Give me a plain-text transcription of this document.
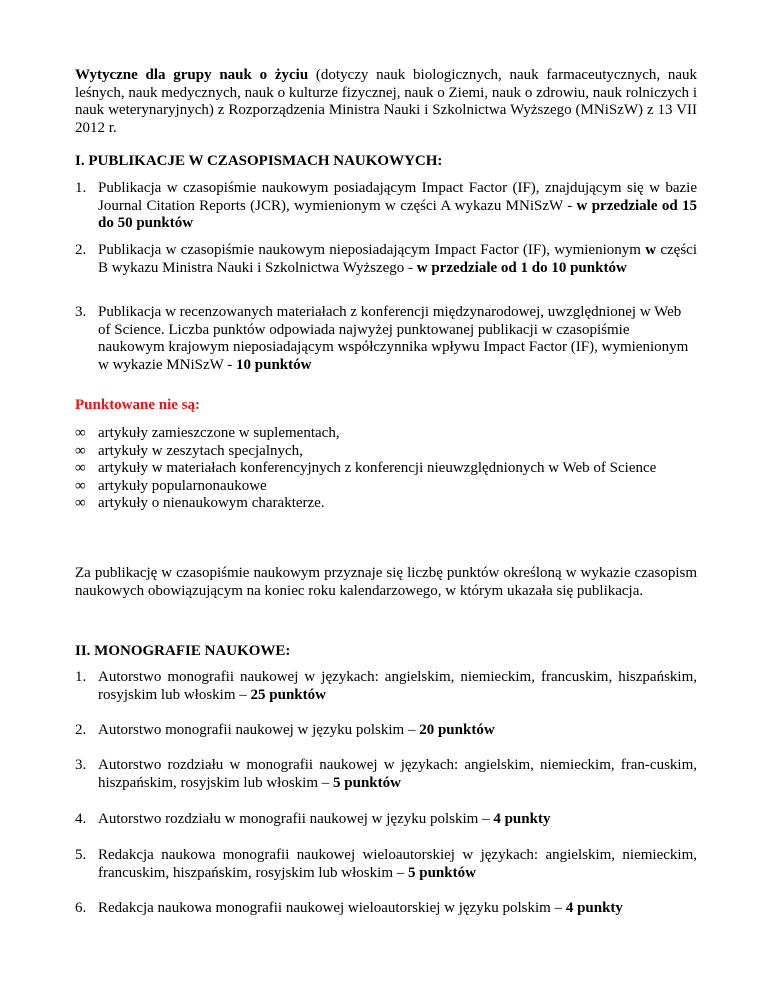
Wytyczne dla grupy nauk o życiu (dotyczy nauk biologicznych, nauk farmaceutycznych, nauk leśnych, nauk medycznych, nauk o kulturze fizycznej, nauk o Ziemi, nauk o zdrowiu, nauk rolniczych i nauk weterynaryjnych) z Rozporządzenia Ministra Nauki i Szkolnictwa Wyższego (MNiSzW) z 13 VII 2012 r.

I. PUBLIKACJE W CZASOPISMACH NAUKOWYCH:

1. Publikacja w czasopiśmie naukowym posiadającym Impact Factor (IF), znajdującym się w bazie Journal Citation Reports (JCR), wymienionym w części A wykazu MNiSzW - w przedziale od 15 do 50 punktów

2. Publikacja w czasopiśmie naukowym nieposiadającym Impact Factor (IF), wymienionym w części B wykazu Ministra Nauki i Szkolnictwa Wyższego - w przedziale od 1 do 10 punktów

3. Publikacja w recenzowanych materiałach z konferencji międzynarodowej, uwzględnionej w Web of Science. Liczba punktów odpowiada najwyżej punktowanej publikacji w czasopiśmie naukowym krajowym nieposiadającym współczynnika wpływu Impact Factor (IF), wymienionym w wykazie MNiSzW - 10 punktów

Punktowane nie są:

∞ artykuły zamieszczone w suplementach,
∞ artykuły w zeszytach specjalnych,
∞ artykuły w materiałach konferencyjnych z konferencji nieuwzględnionych w Web of Science
∞ artykuły popularnonaukowe
∞ artykuły o nienaukowym charakterze.

Za publikację w czasopiśmie naukowym przyznaje się liczbę punktów określoną w wykazie czasopism naukowych obowiązującym na koniec roku kalendarzowego, w którym ukazała się publikacja.

II. MONOGRAFIE NAUKOWE:

1. Autorstwo monografii naukowej w językach: angielskim, niemieckim, francuskim, hiszpańskim, rosyjskim lub włoskim – 25 punktów

2. Autorstwo monografii naukowej w języku polskim – 20 punktów

3. Autorstwo rozdziału w monografii naukowej w językach: angielskim, niemieckim, fran-cuskim, hiszpańskim, rosyjskim lub włoskim – 5 punktów

4. Autorstwo rozdziału w monografii naukowej w języku polskim – 4 punkty

5. Redakcja naukowa monografii naukowej wieloautorskiej w językach: angielskim, niemieckim, francuskim, hiszpańskim, rosyjskim lub włoskim – 5 punktów

6. Redakcja naukowa monografii naukowej wieloautorskiej w języku polskim – 4 punkty
